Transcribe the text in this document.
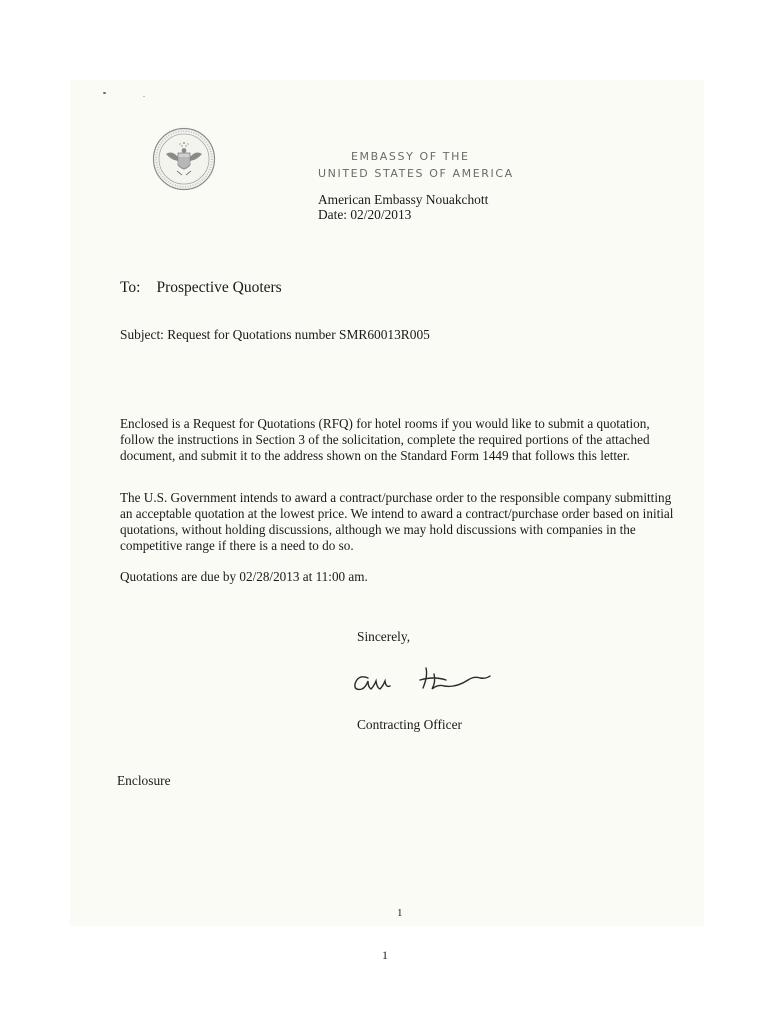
EMBASSY OF THE
UNITED STATES OF AMERICA
American Embassy Nouakchott
Date: 02/20/2013
To: Prospective Quoters
Subject: Request for Quotations number SMR60013R005
Enclosed is a Request for Quotations (RFQ) for hotel rooms if you would like to submit a quotation,
follow the instructions in Section 3 of the solicitation, complete the required portions of the attached
document, and submit it to the address shown on the Standard Form 1449 that follows this letter.
The U.S. Government intends to award a contract/purchase order to the responsible company submitting
an acceptable quotation at the lowest price. We intend to award a contract/purchase order based on initial
quotations, without holding discussions, although we may hold discussions with companies in the
competitive range if there is a need to do so.
Quotations are due by 02/28/2013 at 11:00 am.
Sincerely,
Contracting Officer
Enclosure
1
1
